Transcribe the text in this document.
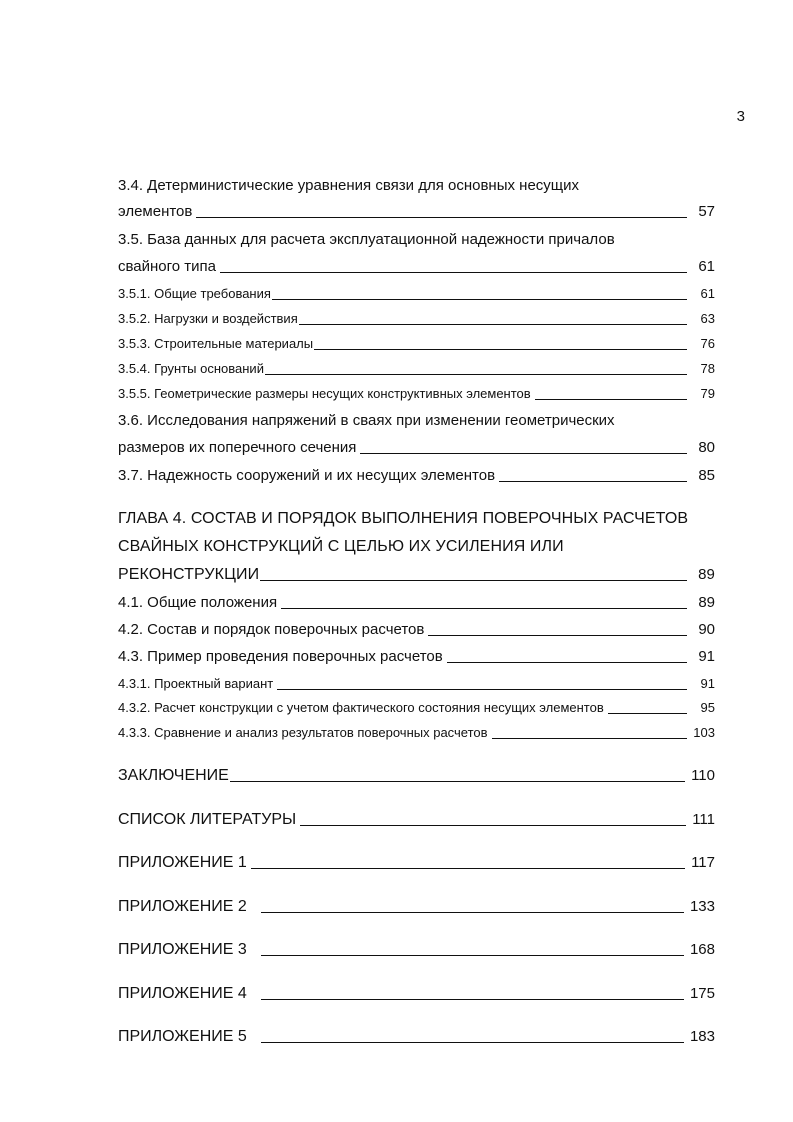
3
3.4. Детерминистические уравнения связи для основных несущих
элементов	57
3.5. База данных для расчета эксплуатационной надежности причалов
свайного типа	61
3.5.1. Общие требования	61
3.5.2. Нагрузки и воздействия	63
3.5.3. Строительные материалы	76
3.5.4. Грунты оснований	78
3.5.5. Геометрические размеры несущих конструктивных элементов	79
3.6. Исследования напряжений в сваях при изменении геометрических
размеров их поперечного сечения	80
3.7. Надежность сооружений и их несущих элементов	85
ГЛАВА 4. СОСТАВ И ПОРЯДОК ВЫПОЛНЕНИЯ ПОВЕРОЧНЫХ РАСЧЕТОВ
СВАЙНЫХ КОНСТРУКЦИЙ С ЦЕЛЬЮ ИХ УСИЛЕНИЯ ИЛИ
РЕКОНСТРУКЦИИ	89
4.1. Общие положения	89
4.2. Состав и порядок поверочных расчетов	90
4.3. Пример проведения поверочных расчетов	91
4.3.1. Проектный вариант	91
4.3.2. Расчет конструкции с учетом фактического состояния несущих элементов	95
4.3.3. Сравнение и анализ результатов поверочных расчетов	103
ЗАКЛЮЧЕНИЕ	110
СПИСОК ЛИТЕРАТУРЫ	111
ПРИЛОЖЕНИЕ 1	117
ПРИЛОЖЕНИЕ 2	133
ПРИЛОЖЕНИЕ 3	168
ПРИЛОЖЕНИЕ 4	175
ПРИЛОЖЕНИЕ 5	183
